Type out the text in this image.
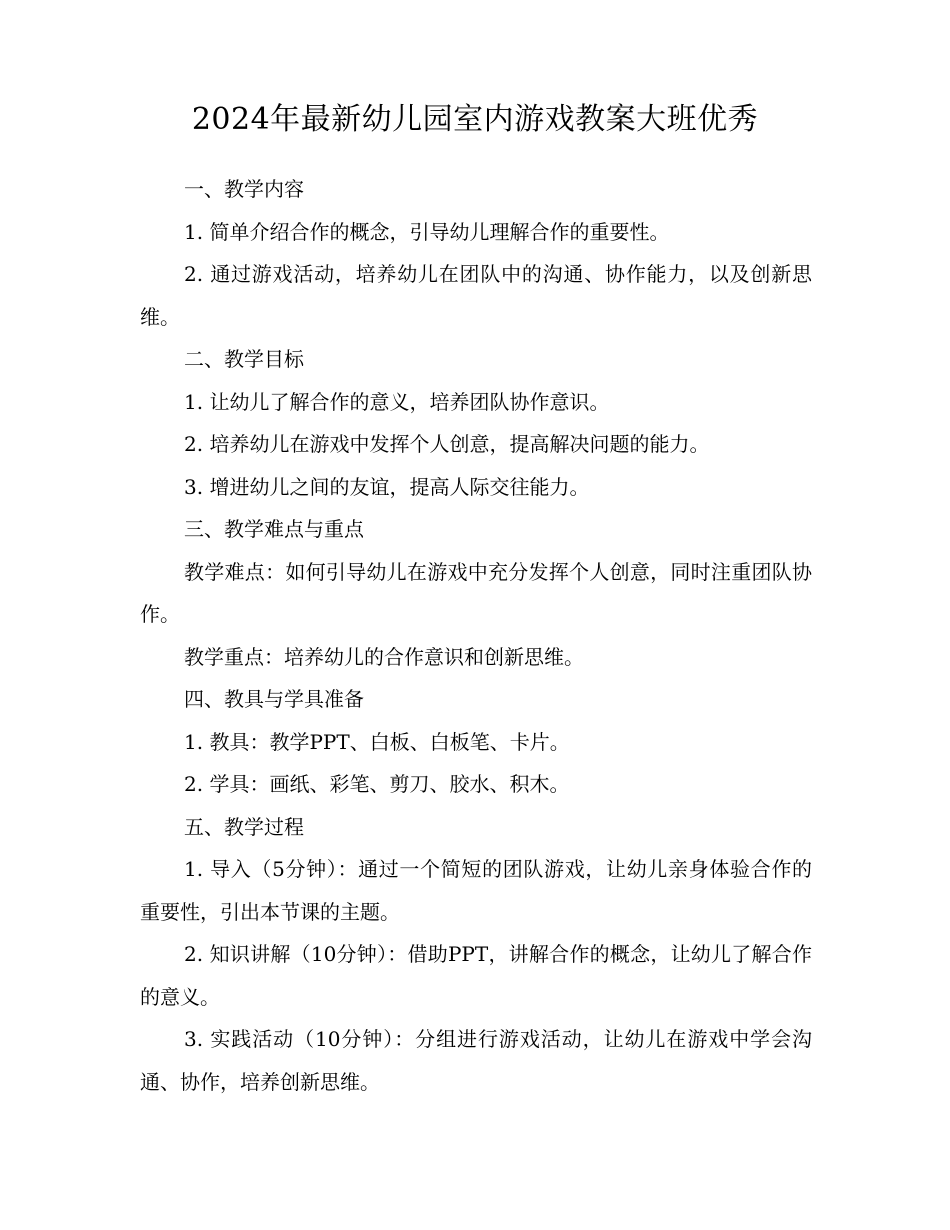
2024年最新幼儿园室内游戏教案大班优秀

一、教学内容

1. 简单介绍合作的概念，引导幼儿理解合作的重要性。

2. 通过游戏活动，培养幼儿在团队中的沟通、协作能力，以及创新思维。

二、教学目标

1. 让幼儿了解合作的意义，培养团队协作意识。

2. 培养幼儿在游戏中发挥个人创意，提高解决问题的能力。

3. 增进幼儿之间的友谊，提高人际交往能力。

三、教学难点与重点

教学难点：如何引导幼儿在游戏中充分发挥个人创意，同时注重团队协作。

教学重点：培养幼儿的合作意识和创新思维。

四、教具与学具准备

1. 教具：教学PPT、白板、白板笔、卡片。

2. 学具：画纸、彩笔、剪刀、胶水、积木。

五、教学过程

1. 导入（5分钟）：通过一个简短的团队游戏，让幼儿亲身体验合作的重要性，引出本节课的主题。

2. 知识讲解（10分钟）：借助PPT，讲解合作的概念，让幼儿了解合作的意义。

3. 实践活动（10分钟）：分组进行游戏活动，让幼儿在游戏中学会沟通、协作，培养创新思维。
